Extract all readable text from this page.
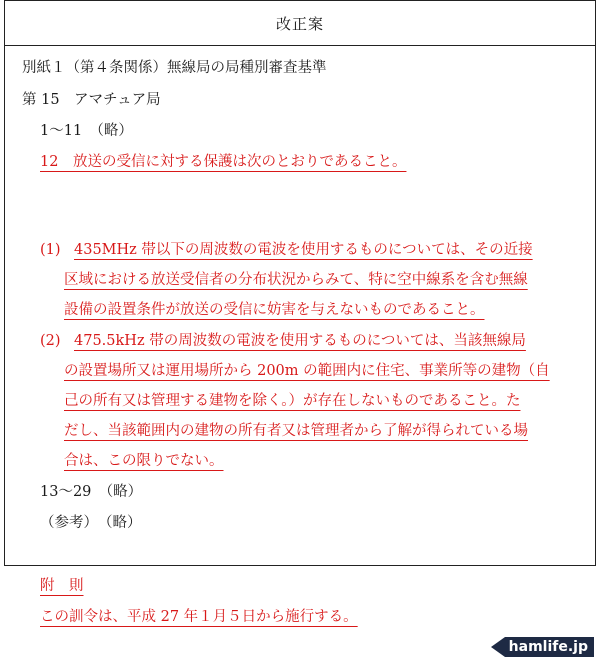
改正案
別紙１（第４条関係）無線局の局種別審査基準
第 15　アマチュア局
1～11　（略）
12　放送の受信に対する保護は次のとおりであること。
(1) 435MHz 帯以下の周波数の電波を使用するものについては、その近接
区域における放送受信者の分布状況からみて、特に空中線系を含む無線
設備の設置条件が放送の受信に妨害を与えないものであること。
(2) 475.5kHz 帯の周波数の電波を使用するものについては、当該無線局
の設置場所又は運用場所から 200m の範囲内に住宅、事業所等の建物（自
己の所有又は管理する建物を除く。）が存在しないものであること。た
だし、当該範囲内の建物の所有者又は管理者から了解が得られている場
合は、この限りでない。
13～29　（略）
（参考）　（略）
附　則
この訓令は、平成 27 年１月５日から施行する。
hamlife.jp
